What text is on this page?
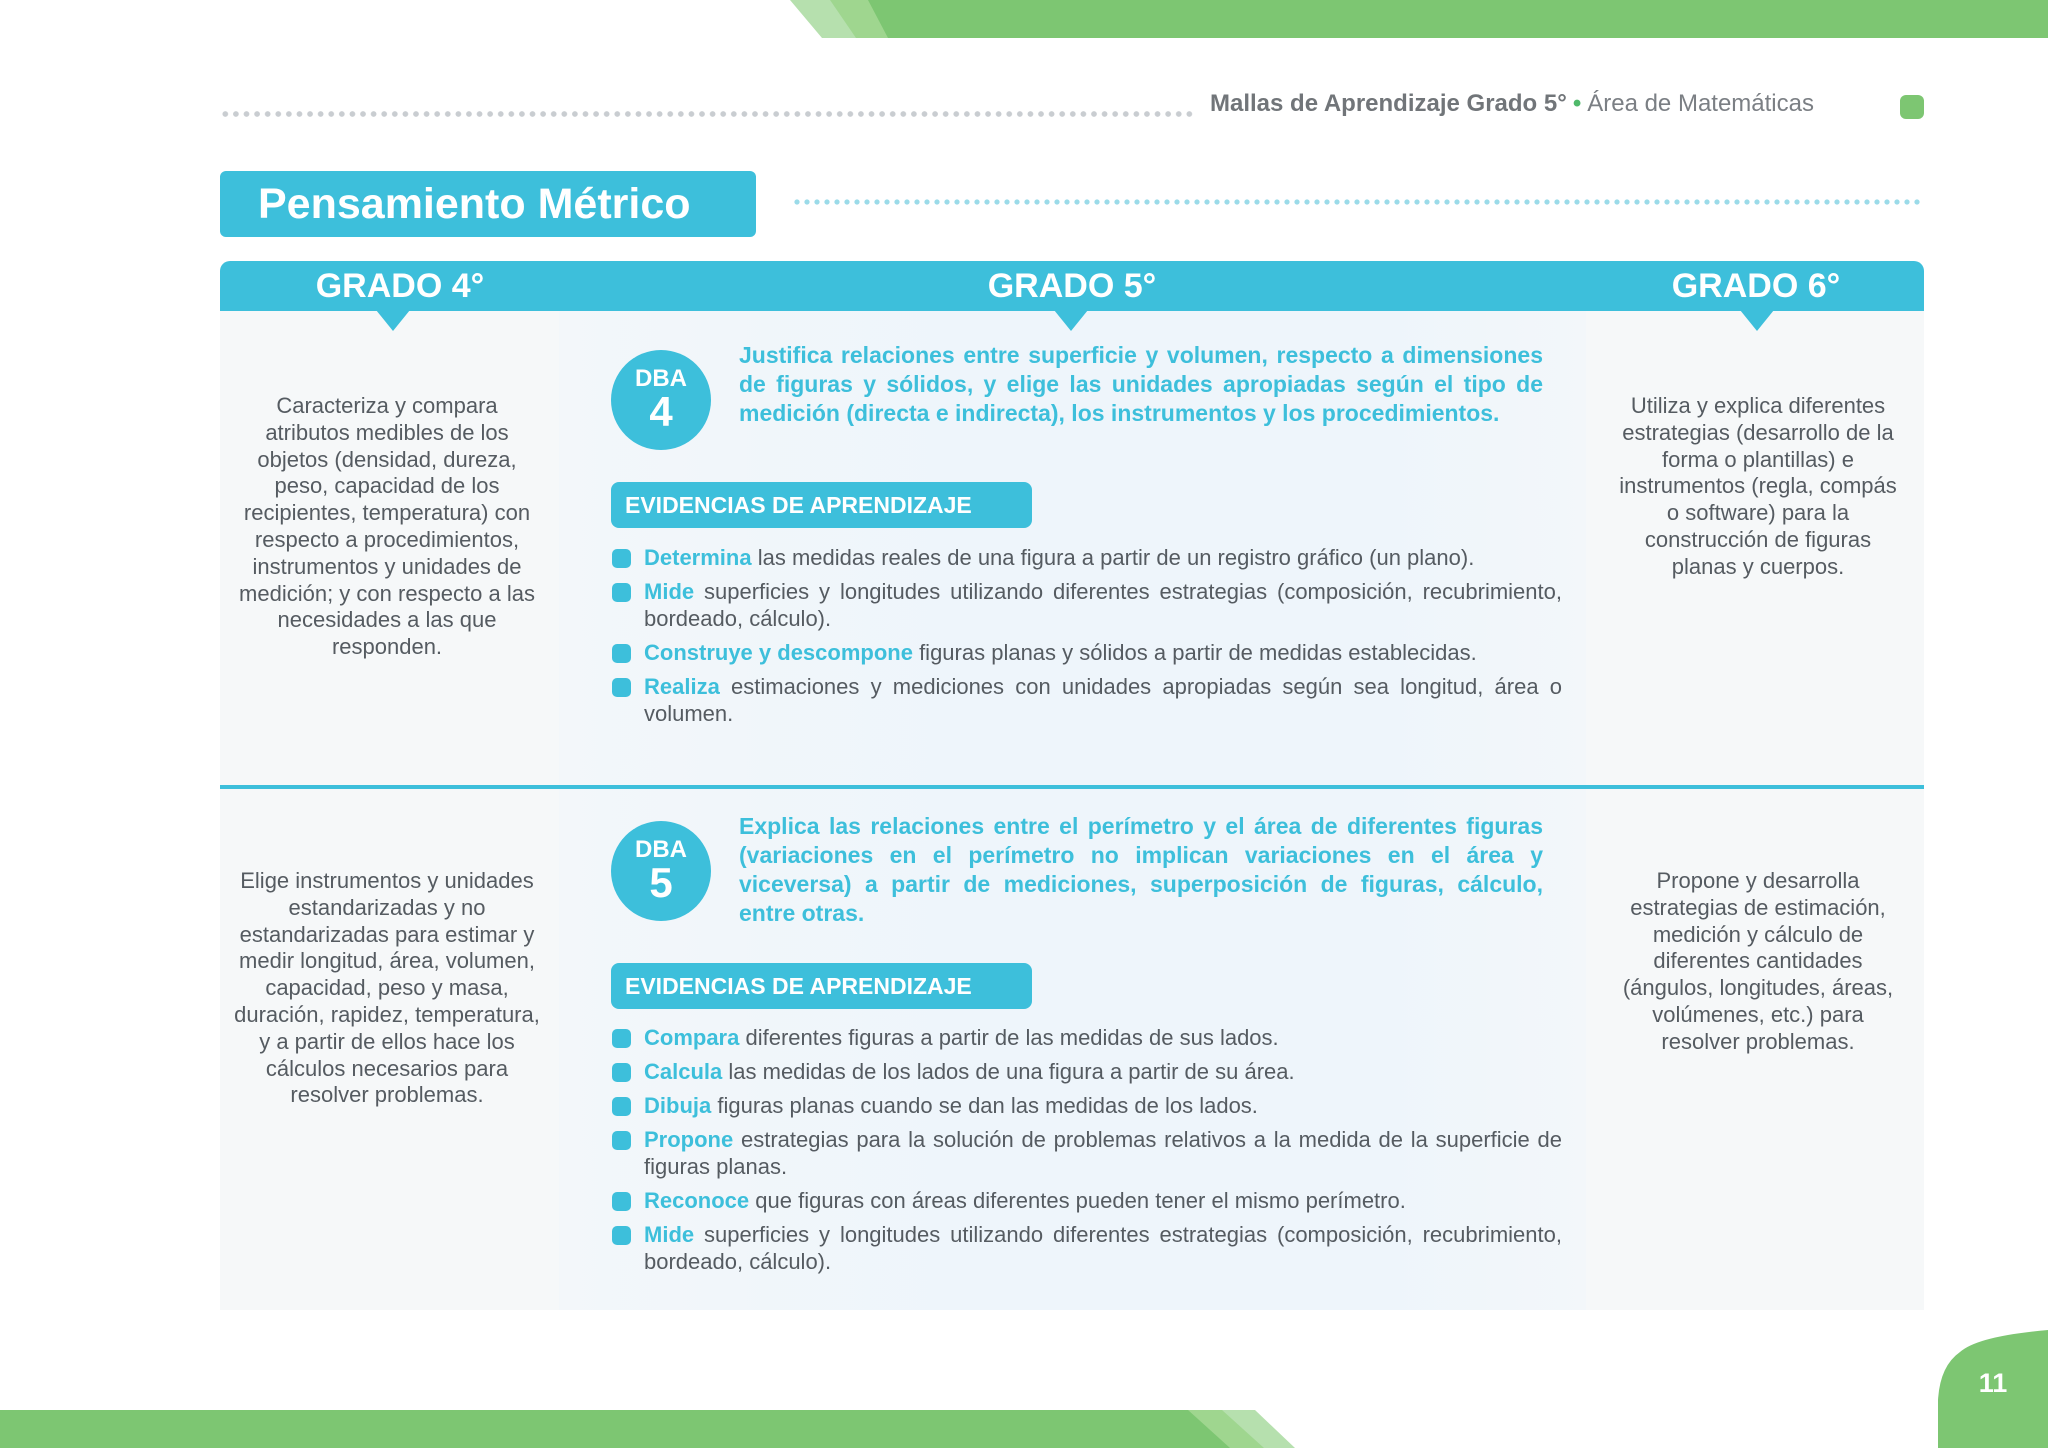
11
Mallas de Aprendizaje Grado 5° • Área de Matemáticas
Pensamiento Métrico
GRADO 4°	GRADO 5°	GRADO 6°
Caracteriza y compara atributos medibles de los objetos (densidad, dureza, peso, capacidad de los recipientes, temperatura) con respecto a procedimientos, instrumentos y unidades de medición; y con respecto a las necesidades a las que responden.
DBA
4
Justifica relaciones entre superficie y volumen, respecto a dimensiones de figuras y sólidos, y elige las unidades apropiadas según el tipo de medición (directa e indirecta), los instrumentos y los procedimientos.
EVIDENCIAS DE APRENDIZAJE
Determina las medidas reales de una figura a partir de un registro gráfico (un plano).
Mide superficies y longitudes utilizando diferentes estrategias (composición, recubrimiento, bordeado, cálculo).
Construye y descompone figuras planas y sólidos a partir de medidas establecidas.
Realiza estimaciones y mediciones con unidades apropiadas según sea longitud, área o volumen.
Utiliza y explica diferentes estrategias (desarrollo de la forma o plantillas) e instrumentos (regla, compás o software) para la construcción de figuras planas y cuerpos.
Elige instrumentos y unidades estandarizadas y no estandarizadas para estimar y medir longitud, área, volumen, capacidad, peso y masa, duración, rapidez, temperatura, y a partir de ellos hace los cálculos necesarios para resolver problemas.
DBA
5
Explica las relaciones entre el perímetro y el área de diferentes figuras (variaciones en el perímetro no implican variaciones en el área y viceversa) a partir de mediciones, superposición de figuras, cálculo, entre otras.
EVIDENCIAS DE APRENDIZAJE
Compara diferentes figuras a partir de las medidas de sus lados.
Calcula las medidas de los lados de una figura a partir de su área.
Dibuja figuras planas cuando se dan las medidas de los lados.
Propone estrategias para la solución de problemas relativos a la medida de la superficie de figuras planas.
Reconoce que figuras con áreas diferentes pueden tener el mismo perímetro.
Mide superficies y longitudes utilizando diferentes estrategias (composición, recubrimiento, bordeado, cálculo).
Propone y desarrolla estrategias de estimación, medición y cálculo de diferentes cantidades (ángulos, longitudes, áreas, volúmenes, etc.) para resolver problemas.
